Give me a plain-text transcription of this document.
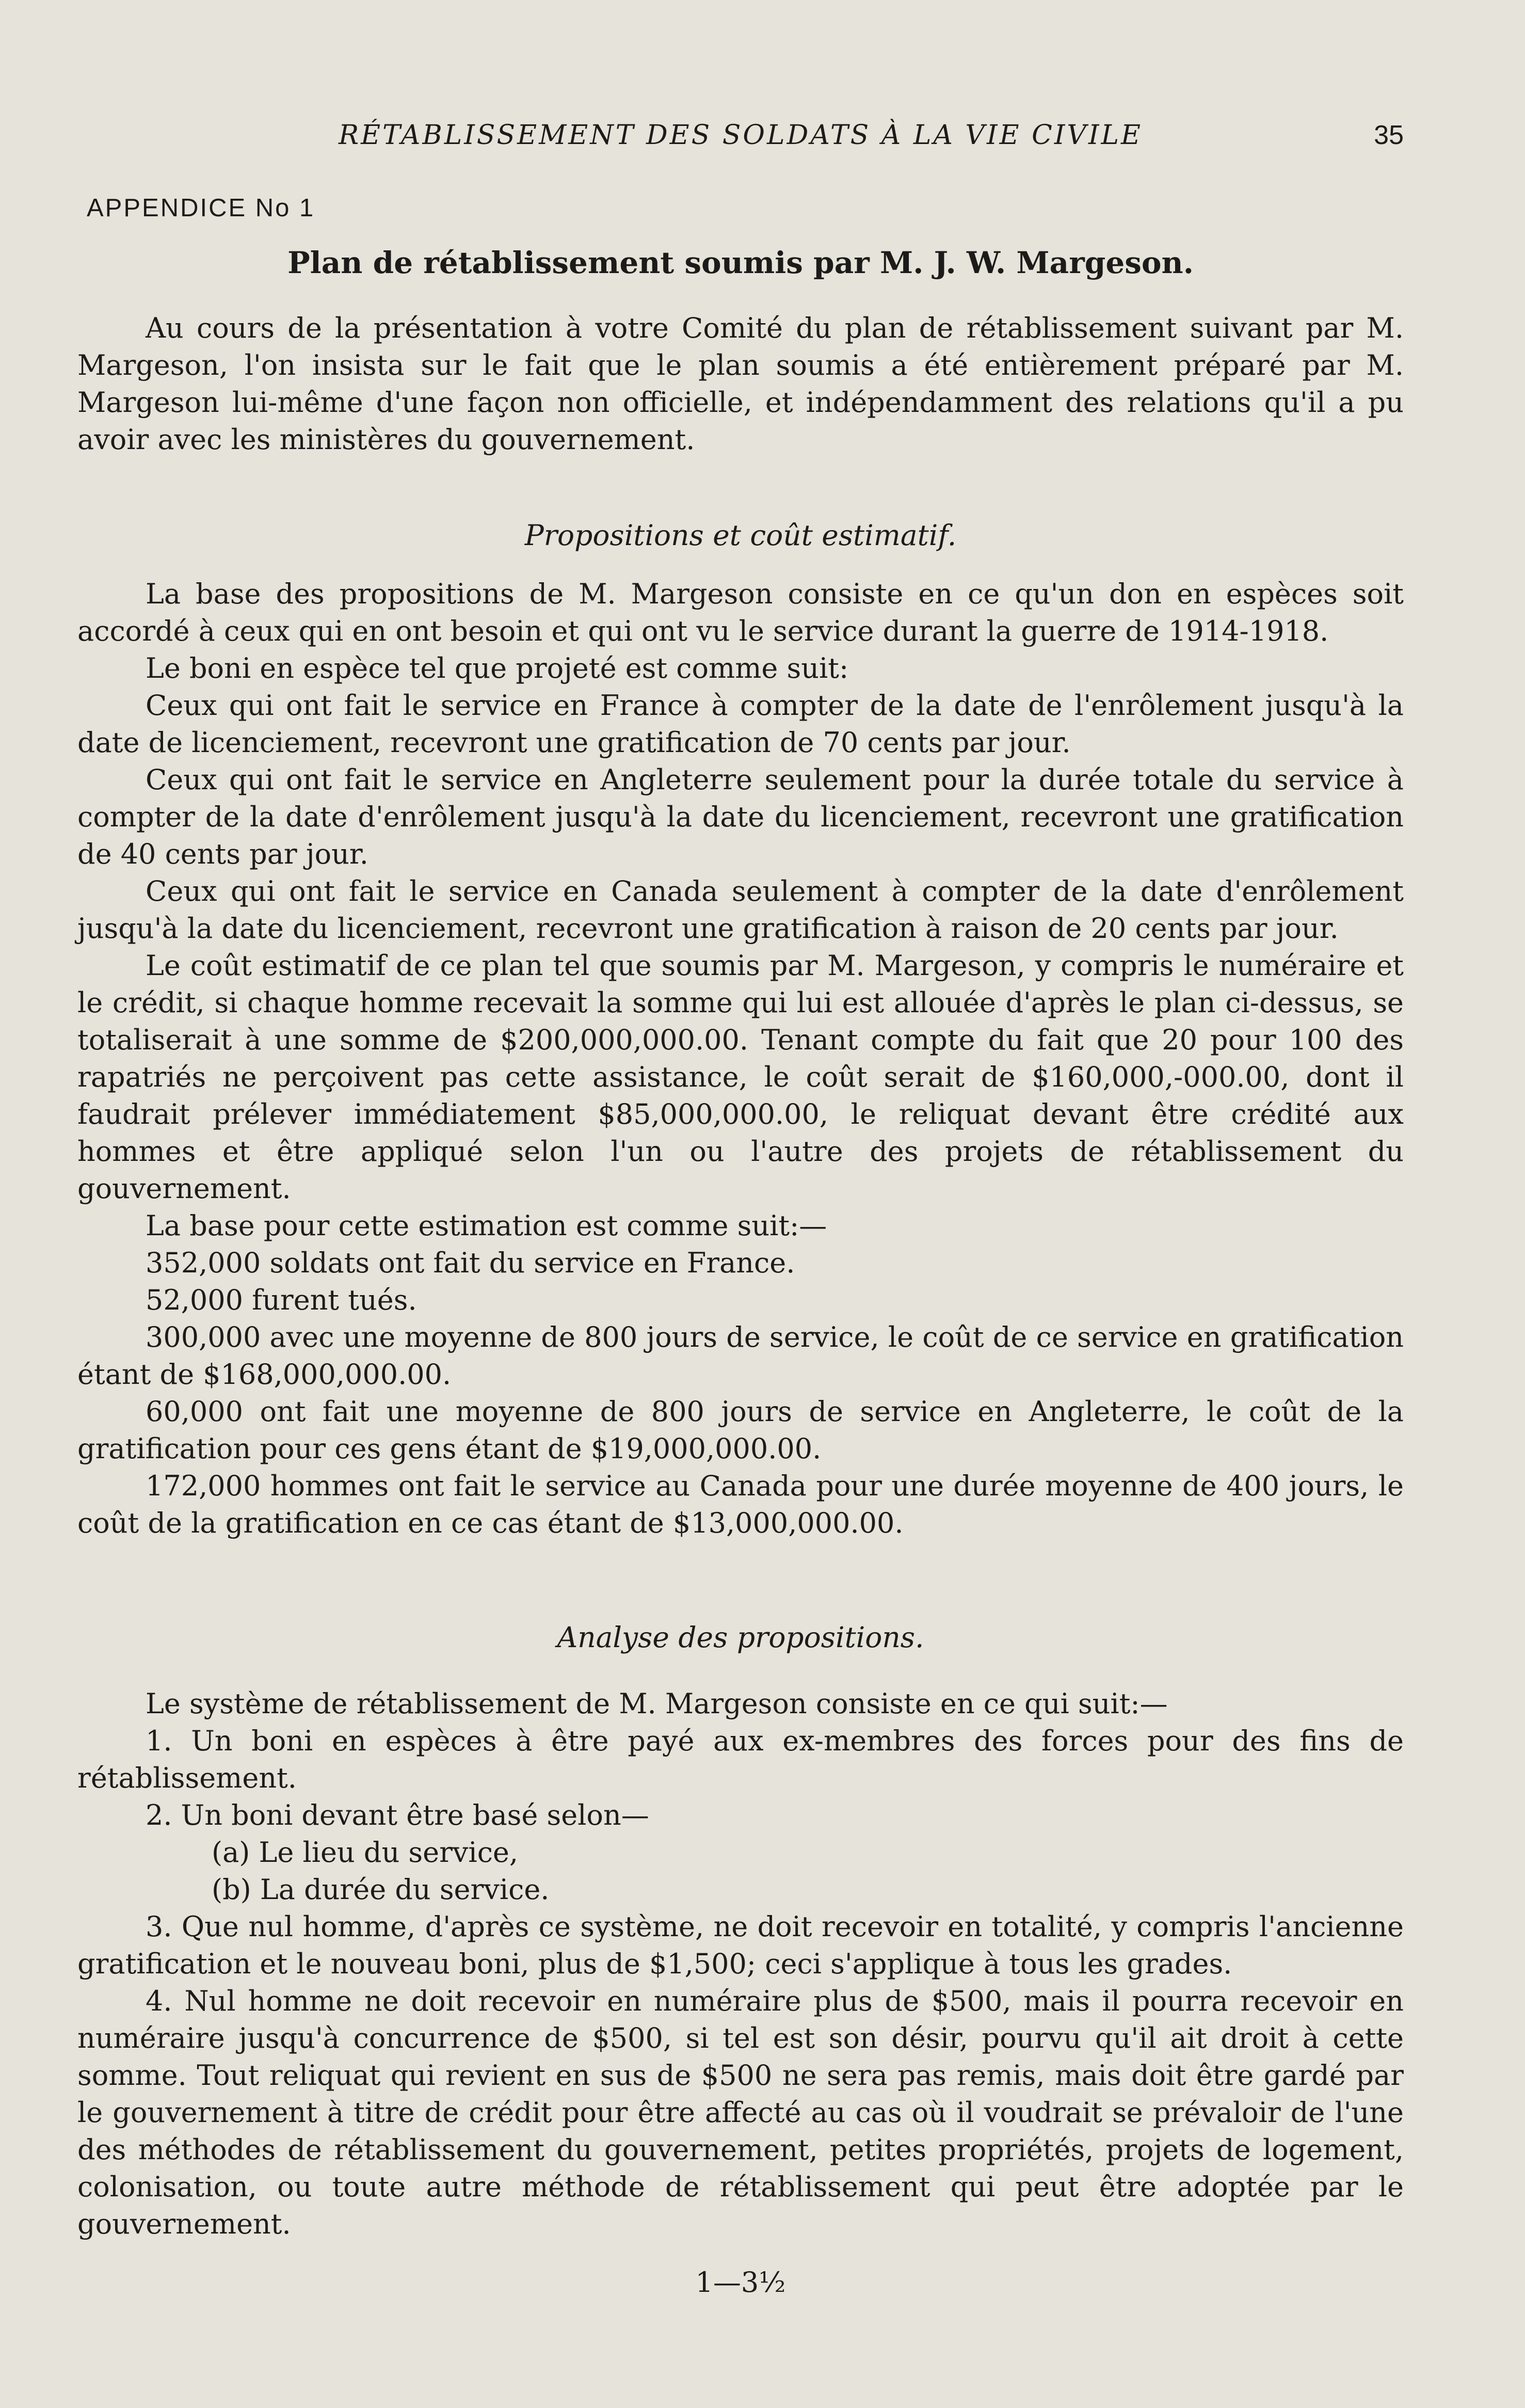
RÉTABLISSEMENT DES SOLDATS À LA VIE CIVILE	35
APPENDICE No 1
Plan de rétablissement soumis par M. J. W. Margeson.

Au cours de la présentation à votre Comité du plan de rétablissement suivant par M. Margeson, l'on insista sur le fait que le plan soumis a été entièrement préparé par M. Margeson lui-même d'une façon non officielle, et indépendamment des relations qu'il a pu avoir avec les ministères du gouvernement.

Propositions et coût estimatif.

La base des propositions de M. Margeson consiste en ce qu'un don en espèces soit accordé à ceux qui en ont besoin et qui ont vu le service durant la guerre de 1914-1918.

Le boni en espèce tel que projeté est comme suit:

Ceux qui ont fait le service en France à compter de la date de l'enrôlement jusqu'à la date de licenciement, recevront une gratification de 70 cents par jour.

Ceux qui ont fait le service en Angleterre seulement pour la durée totale du service à compter de la date d'enrôlement jusqu'à la date du licenciement, recevront une gratification de 40 cents par jour.

Ceux qui ont fait le service en Canada seulement à compter de la date d'enrôlement jusqu'à la date du licenciement, recevront une gratification à raison de 20 cents par jour.

Le coût estimatif de ce plan tel que soumis par M. Margeson, y compris le numéraire et le crédit, si chaque homme recevait la somme qui lui est allouée d'après le plan ci-dessus, se totaliserait à une somme de $200,000,000.00. Tenant compte du fait que 20 pour 100 des rapatriés ne perçoivent pas cette assistance, le coût serait de $160,000,-000.00, dont il faudrait prélever immédiatement $85,000,000.00, le reliquat devant être crédité aux hommes et être appliqué selon l'un ou l'autre des projets de rétablissement du gouvernement.

La base pour cette estimation est comme suit:—

352,000 soldats ont fait du service en France.

52,000 furent tués.

300,000 avec une moyenne de 800 jours de service, le coût de ce service en gratification étant de $168,000,000.00.

60,000 ont fait une moyenne de 800 jours de service en Angleterre, le coût de la gratification pour ces gens étant de $19,000,000.00.

172,000 hommes ont fait le service au Canada pour une durée moyenne de 400 jours, le coût de la gratification en ce cas étant de $13,000,000.00.

Analyse des propositions.

Le système de rétablissement de M. Margeson consiste en ce qui suit:—

1. Un boni en espèces à être payé aux ex-membres des forces pour des fins de rétablissement.

2. Un boni devant être basé selon—

(a) Le lieu du service,

(b) La durée du service.

3. Que nul homme, d'après ce système, ne doit recevoir en totalité, y compris l'ancienne gratification et le nouveau boni, plus de $1,500; ceci s'applique à tous les grades.

4. Nul homme ne doit recevoir en numéraire plus de $500, mais il pourra recevoir en numéraire jusqu'à concurrence de $500, si tel est son désir, pourvu qu'il ait droit à cette somme. Tout reliquat qui revient en sus de $500 ne sera pas remis, mais doit être gardé par le gouvernement à titre de crédit pour être affecté au cas où il voudrait se prévaloir de l'une des méthodes de rétablissement du gouvernement, petites propriétés, projets de logement, colonisation, ou toute autre méthode de rétablissement qui peut être adoptée par le gouvernement.

1—3½
